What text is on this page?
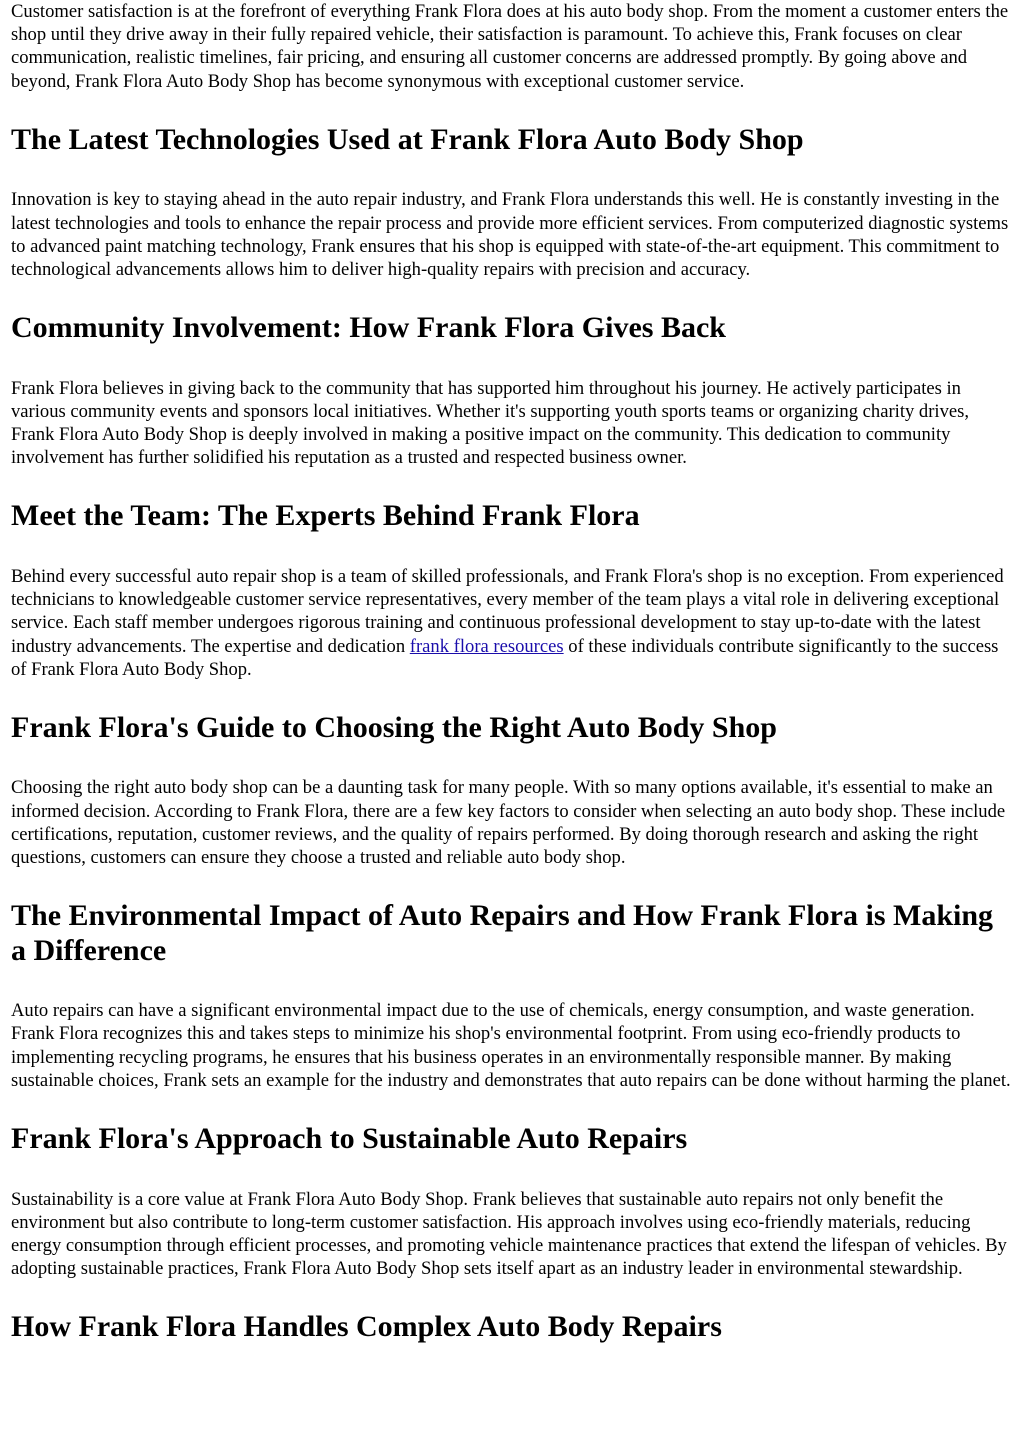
Customer satisfaction is at the forefront of everything Frank Flora does at his auto body shop. From the moment a customer enters the shop until they drive away in their fully repaired vehicle, their satisfaction is paramount. To achieve this, Frank focuses on clear communication, realistic timelines, fair pricing, and ensuring all customer concerns are addressed promptly. By going above and beyond, Frank Flora Auto Body Shop has become synonymous with exceptional customer service.

The Latest Technologies Used at Frank Flora Auto Body Shop

Innovation is key to staying ahead in the auto repair industry, and Frank Flora understands this well. He is constantly investing in the latest technologies and tools to enhance the repair process and provide more efficient services. From computerized diagnostic systems to advanced paint matching technology, Frank ensures that his shop is equipped with state-of-the-art equipment. This commitment to technological advancements allows him to deliver high-quality repairs with precision and accuracy.

Community Involvement: How Frank Flora Gives Back

Frank Flora believes in giving back to the community that has supported him throughout his journey. He actively participates in various community events and sponsors local initiatives. Whether it's supporting youth sports teams or organizing charity drives, Frank Flora Auto Body Shop is deeply involved in making a positive impact on the community. This dedication to community involvement has further solidified his reputation as a trusted and respected business owner.

Meet the Team: The Experts Behind Frank Flora

Behind every successful auto repair shop is a team of skilled professionals, and Frank Flora's shop is no exception. From experienced technicians to knowledgeable customer service representatives, every member of the team plays a vital role in delivering exceptional service. Each staff member undergoes rigorous training and continuous professional development to stay up-to-date with the latest industry advancements. The expertise and dedication frank flora resources of these individuals contribute significantly to the success of Frank Flora Auto Body Shop.

Frank Flora's Guide to Choosing the Right Auto Body Shop

Choosing the right auto body shop can be a daunting task for many people. With so many options available, it's essential to make an informed decision. According to Frank Flora, there are a few key factors to consider when selecting an auto body shop. These include certifications, reputation, customer reviews, and the quality of repairs performed. By doing thorough research and asking the right questions, customers can ensure they choose a trusted and reliable auto body shop.

The Environmental Impact of Auto Repairs and How Frank Flora is Making a Difference

Auto repairs can have a significant environmental impact due to the use of chemicals, energy consumption, and waste generation. Frank Flora recognizes this and takes steps to minimize his shop's environmental footprint. From using eco-friendly products to implementing recycling programs, he ensures that his business operates in an environmentally responsible manner. By making sustainable choices, Frank sets an example for the industry and demonstrates that auto repairs can be done without harming the planet.

Frank Flora's Approach to Sustainable Auto Repairs

Sustainability is a core value at Frank Flora Auto Body Shop. Frank believes that sustainable auto repairs not only benefit the environment but also contribute to long-term customer satisfaction. His approach involves using eco-friendly materials, reducing energy consumption through efficient processes, and promoting vehicle maintenance practices that extend the lifespan of vehicles. By adopting sustainable practices, Frank Flora Auto Body Shop sets itself apart as an industry leader in environmental stewardship.

How Frank Flora Handles Complex Auto Body Repairs
